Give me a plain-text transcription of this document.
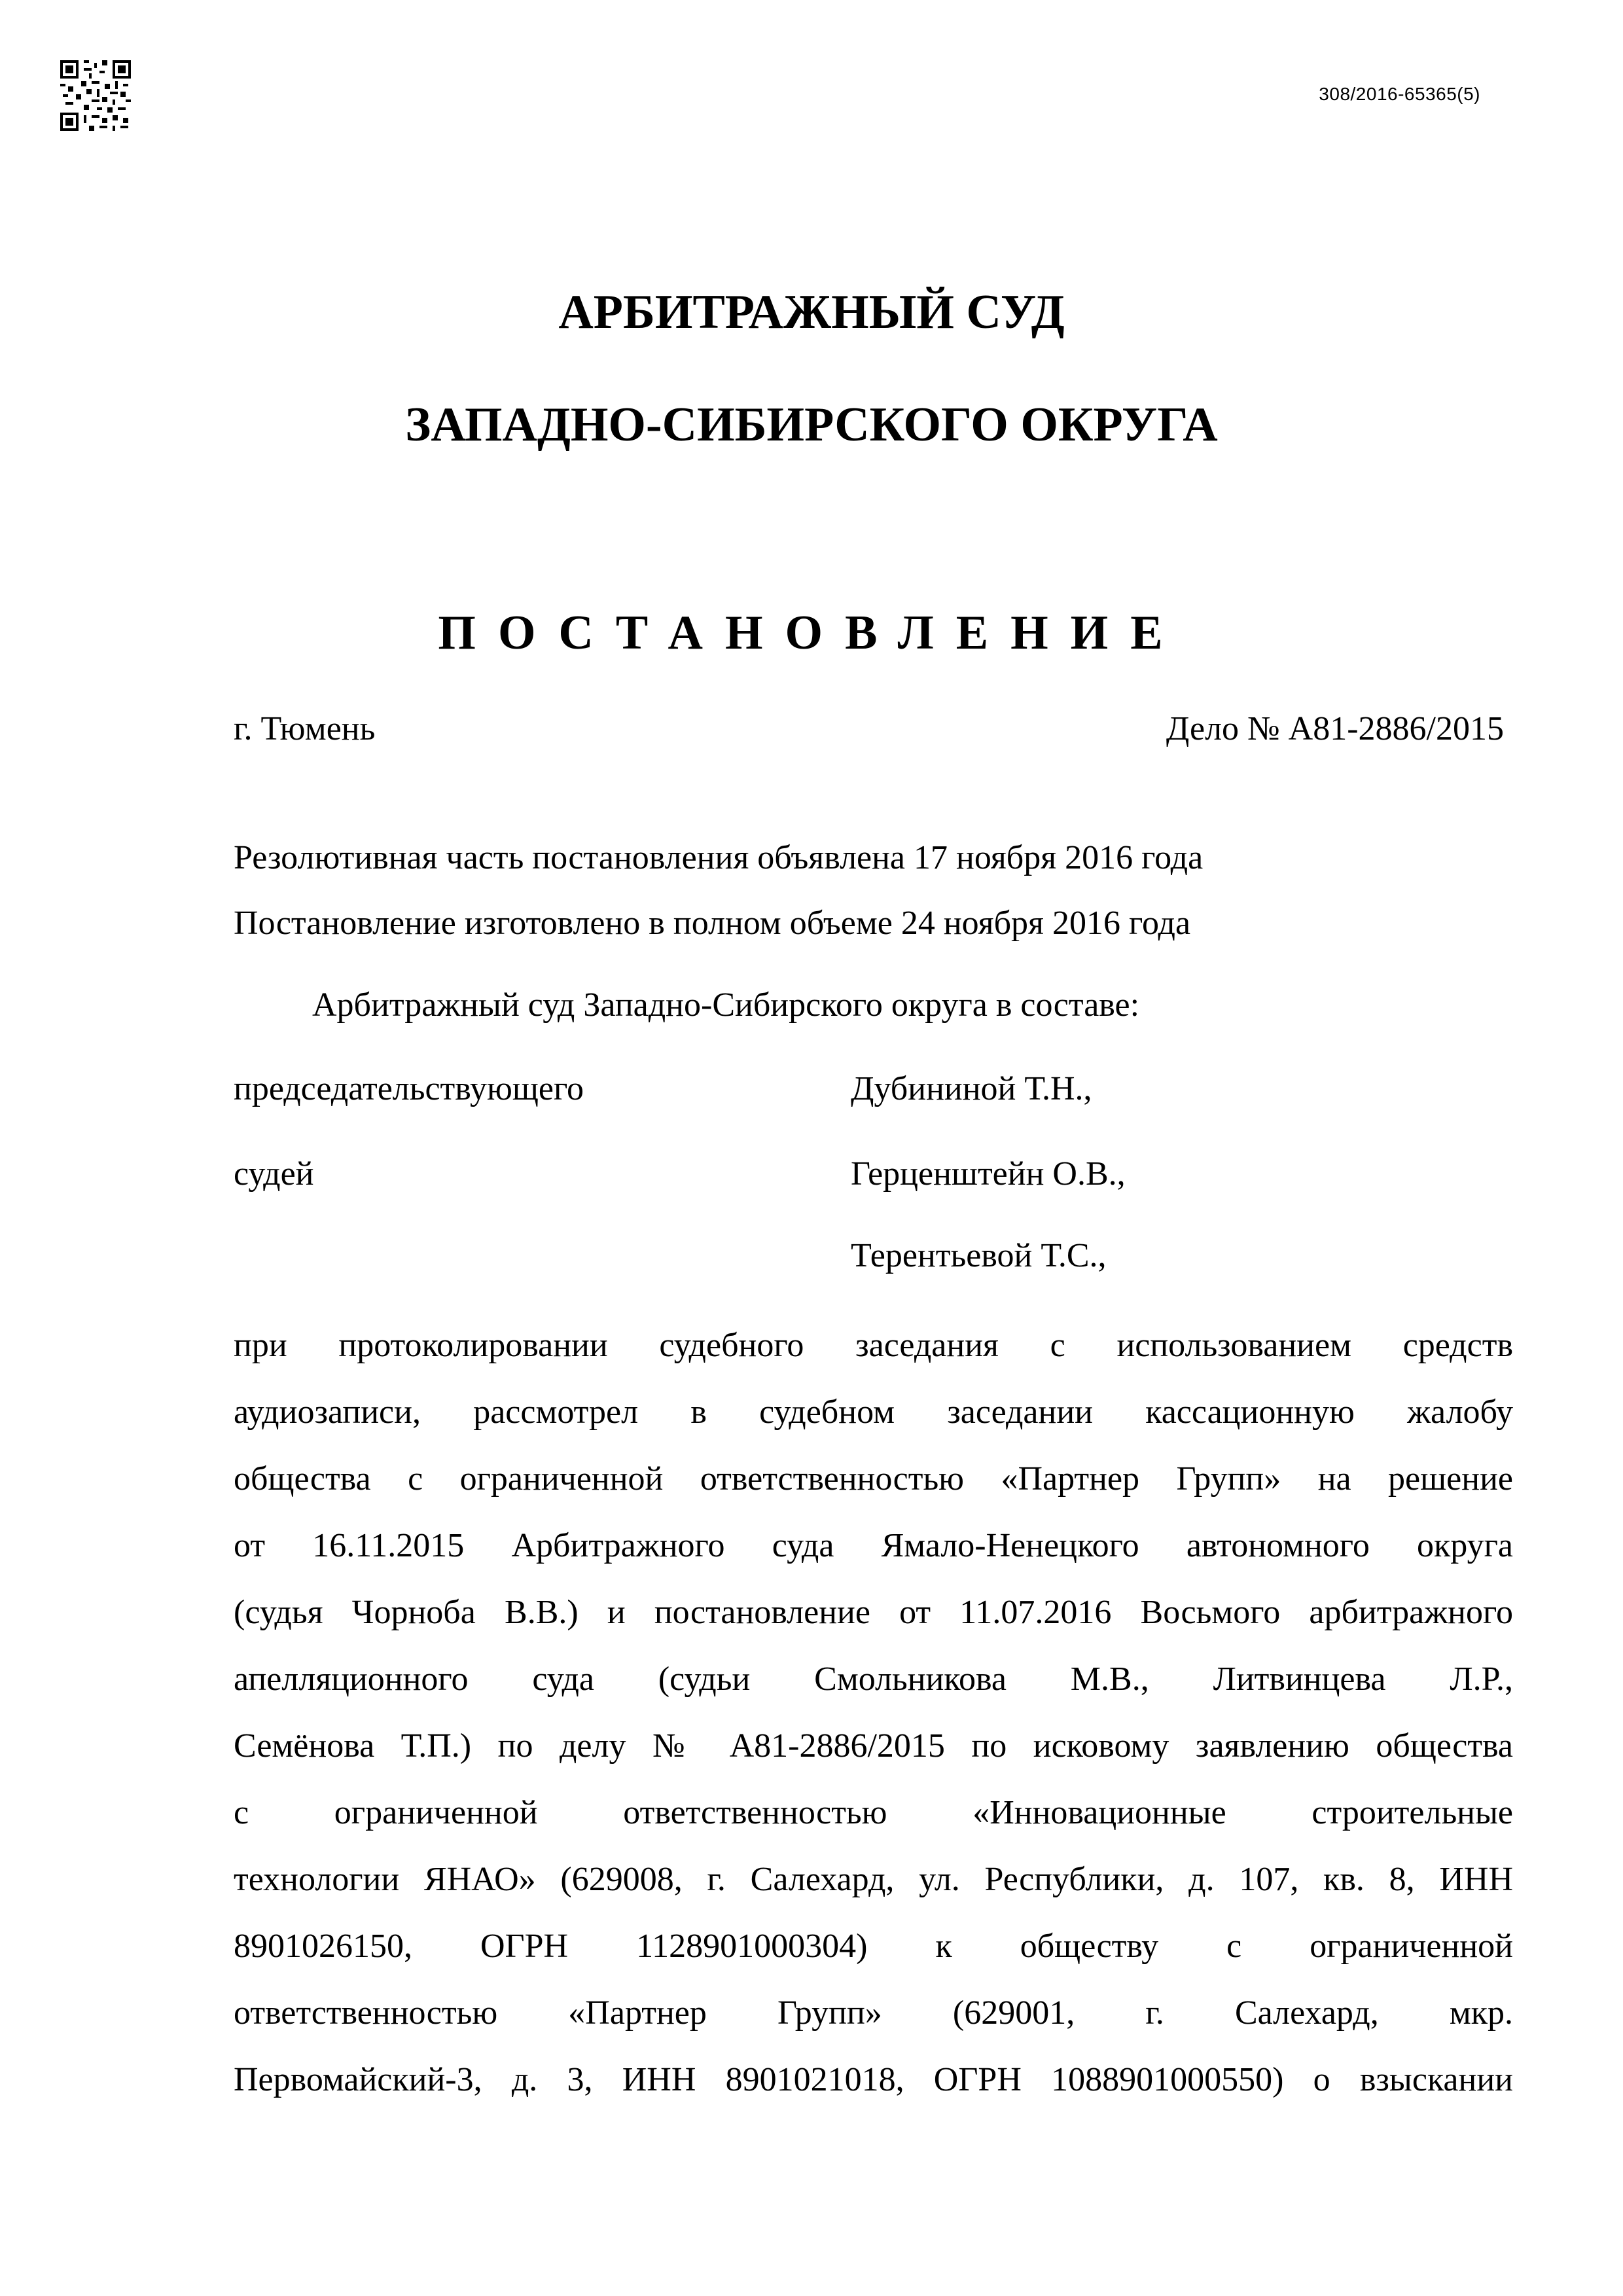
308/2016-65365(5)
АРБИТРАЖНЫЙ СУД
ЗАПАДНО-СИБИРСКОГО ОКРУГА
ПОСТАНОВЛЕНИЕ
г. Тюмень	Дело № А81-2886/2015
Резолютивная часть постановления объявлена 17 ноября 2016 года
Постановление изготовлено в полном объеме 24 ноября 2016 года
Арбитражный суд Западно-Сибирского округа в составе:
председательствующего	Дубининой Т.Н.,
судей	Герценштейн О.В.,
Терентьевой Т.С.,
при протоколировании судебного заседания с использованием средств
аудиозаписи, рассмотрел в судебном заседании кассационную жалобу
общества с ограниченной ответственностью «Партнер Групп» на решение
от 16.11.2015 Арбитражного суда Ямало-Ненецкого автономного округа
(судья Чорноба В.В.) и постановление от 11.07.2016 Восьмого арбитражного
апелляционного суда (судьи Смольникова М.В., Литвинцева Л.Р.,
Семёнова Т.П.) по делу № А81-2886/2015 по исковому заявлению общества
с ограниченной ответственностью «Инновационные строительные
технологии ЯНАО» (629008, г. Салехард, ул. Республики, д. 107, кв. 8, ИНН
8901026150, ОГРН 1128901000304) к обществу с ограниченной
ответственностью «Партнер Групп» (629001, г. Салехард, мкр.
Первомайский-3, д. 3, ИНН 8901021018, ОГРН 1088901000550) о взыскании
